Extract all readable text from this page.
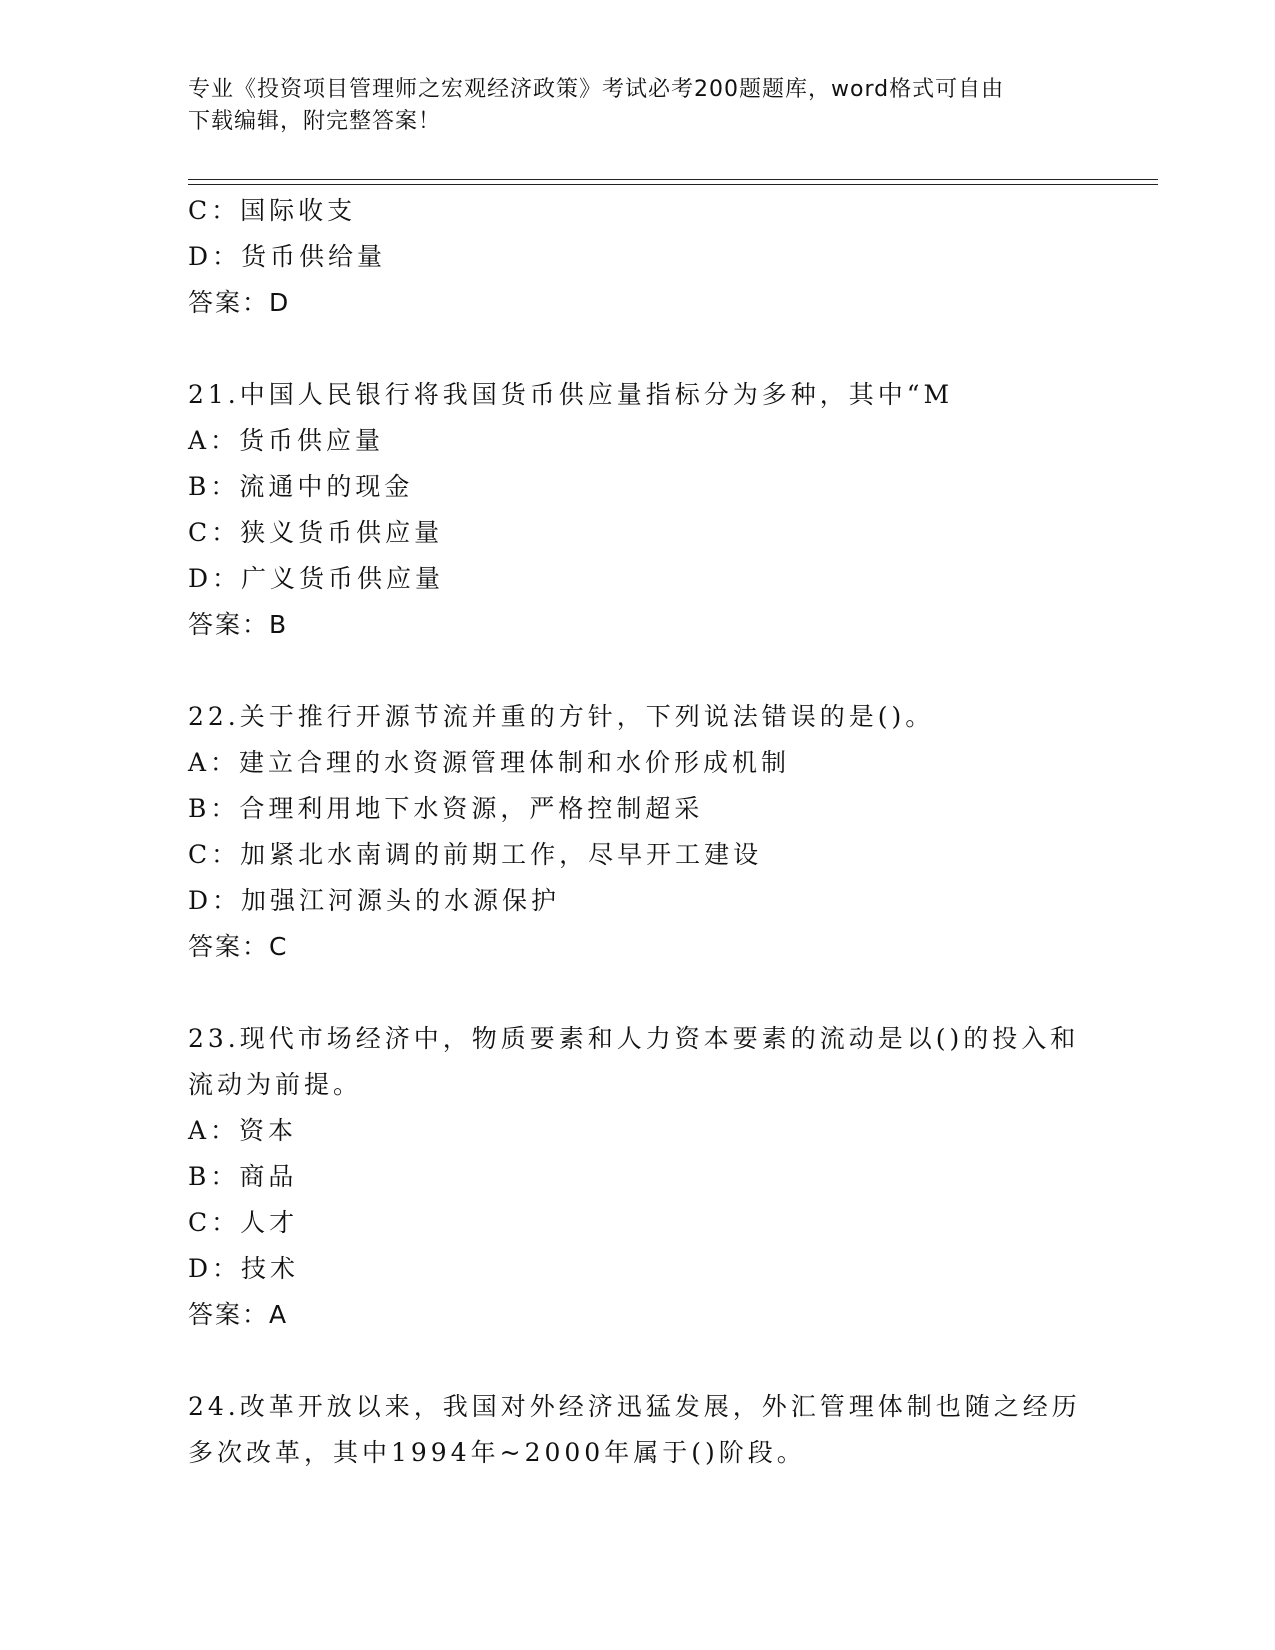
专业《投资项目管理师之宏观经济政策》考试必考200题题库，word格式可自由
下载编辑，附完整答案！
C：国际收支
D：货币供给量
答案：D
21.中国人民银行将我国货币供应量指标分为多种，其中“M
A：货币供应量
B：流通中的现金
C：狭义货币供应量
D：广义货币供应量
答案：B
22.关于推行开源节流并重的方针，下列说法错误的是()。
A：建立合理的水资源管理体制和水价形成机制
B：合理利用地下水资源，严格控制超采
C：加紧北水南调的前期工作，尽早开工建设
D：加强江河源头的水源保护
答案：C
23.现代市场经济中，物质要素和人力资本要素的流动是以()的投入和
流动为前提。
A：资本
B：商品
C：人才
D：技术
答案：A
24.改革开放以来，我国对外经济迅猛发展，外汇管理体制也随之经历
多次改革，其中1994年~2000年属于()阶段。
